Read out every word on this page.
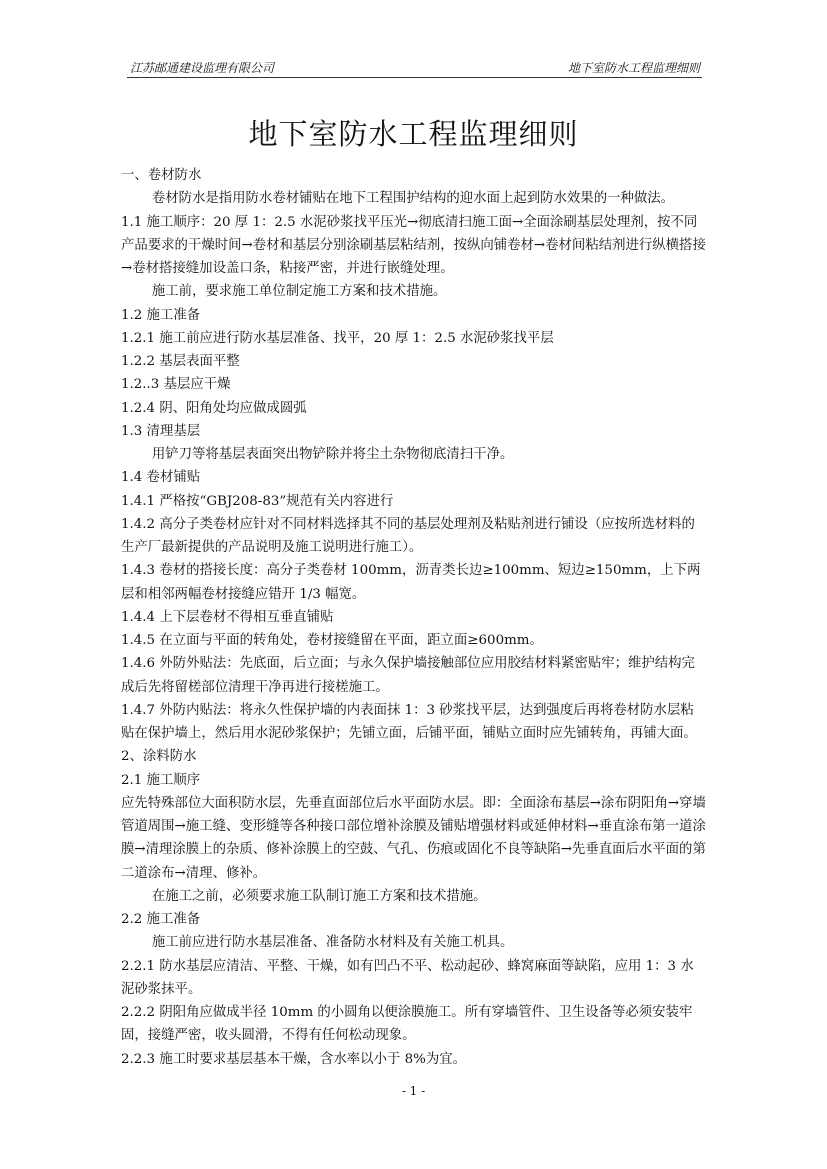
江苏邮通建设监理有限公司	地下室防水工程监理细则
地下室防水工程监理细则

一、卷材防水

卷材防水是指用防水卷材铺贴在地下工程围护结构的迎水面上起到防水效果的一种做法。

1.1 施工顺序：20 厚 1：2.5 水泥砂浆找平压光→彻底清扫施工面→全面涂刷基层处理剂，按不同产品要求的干燥时间→卷材和基层分别涂刷基层粘结剂，按纵向铺卷材→卷材间粘结剂进行纵横搭接→卷材搭接缝加设盖口条，粘接严密，并进行嵌缝处理。

施工前，要求施工单位制定施工方案和技术措施。

1.2 施工准备

1.2.1 施工前应进行防水基层准备、找平，20 厚 1：2.5 水泥砂浆找平层

1.2.2 基层表面平整

1.2..3 基层应干燥

1.2.4 阴、阳角处均应做成圆弧

1.3 清理基层

用铲刀等将基层表面突出物铲除并将尘土杂物彻底清扫干净。

1.4 卷材铺贴

1.4.1 严格按“GBJ208-83”规范有关内容进行

1.4.2 高分子类卷材应针对不同材料选择其不同的基层处理剂及粘贴剂进行铺设（应按所选材料的生产厂最新提供的产品说明及施工说明进行施工）。

1.4.3 卷材的搭接长度：高分子类卷材 100mm，沥青类长边≥100mm、短边≥150mm，上下两层和相邻两幅卷材接缝应错开 1/3 幅宽。

1.4.4 上下层卷材不得相互垂直铺贴

1.4.5 在立面与平面的转角处，卷材接缝留在平面，距立面≥600mm。

1.4.6 外防外贴法：先底面，后立面；与永久保护墙接触部位应用胶结材料紧密贴牢；维护结构完成后先将留槎部位清理干净再进行接槎施工。

1.4.7 外防内贴法：将永久性保护墙的内表面抹 1：3 砂浆找平层，达到强度后再将卷材防水层粘贴在保护墙上，然后用水泥砂浆保护；先铺立面，后铺平面，铺贴立面时应先铺转角，再铺大面。

2、涂料防水

2.1 施工顺序

应先特殊部位大面积防水层，先垂直面部位后水平面防水层。即：全面涂布基层→涂布阴阳角→穿墙管道周围→施工缝、变形缝等各种接口部位增补涂膜及铺贴增强材料或延伸材料→垂直涂布第一道涂膜→清理涂膜上的杂质、修补涂膜上的空鼓、气孔、伤痕或固化不良等缺陷→先垂直面后水平面的第二道涂布→清理、修补。

在施工之前，必须要求施工队制订施工方案和技术措施。

2.2 施工准备

施工前应进行防水基层准备、准备防水材料及有关施工机具。

2.2.1 防水基层应清洁、平整、干燥，如有凹凸不平、松动起砂、蜂窝麻面等缺陷，应用 1：3 水泥砂浆抹平。

2.2.2 阴阳角应做成半径 10mm 的小圆角以便涂膜施工。所有穿墙管件、卫生设备等必须安装牢固，接缝严密，收头圆滑，不得有任何松动现象。

2.2.3 施工时要求基层基本干燥，含水率以小于 8%为宜。

- 1 -
